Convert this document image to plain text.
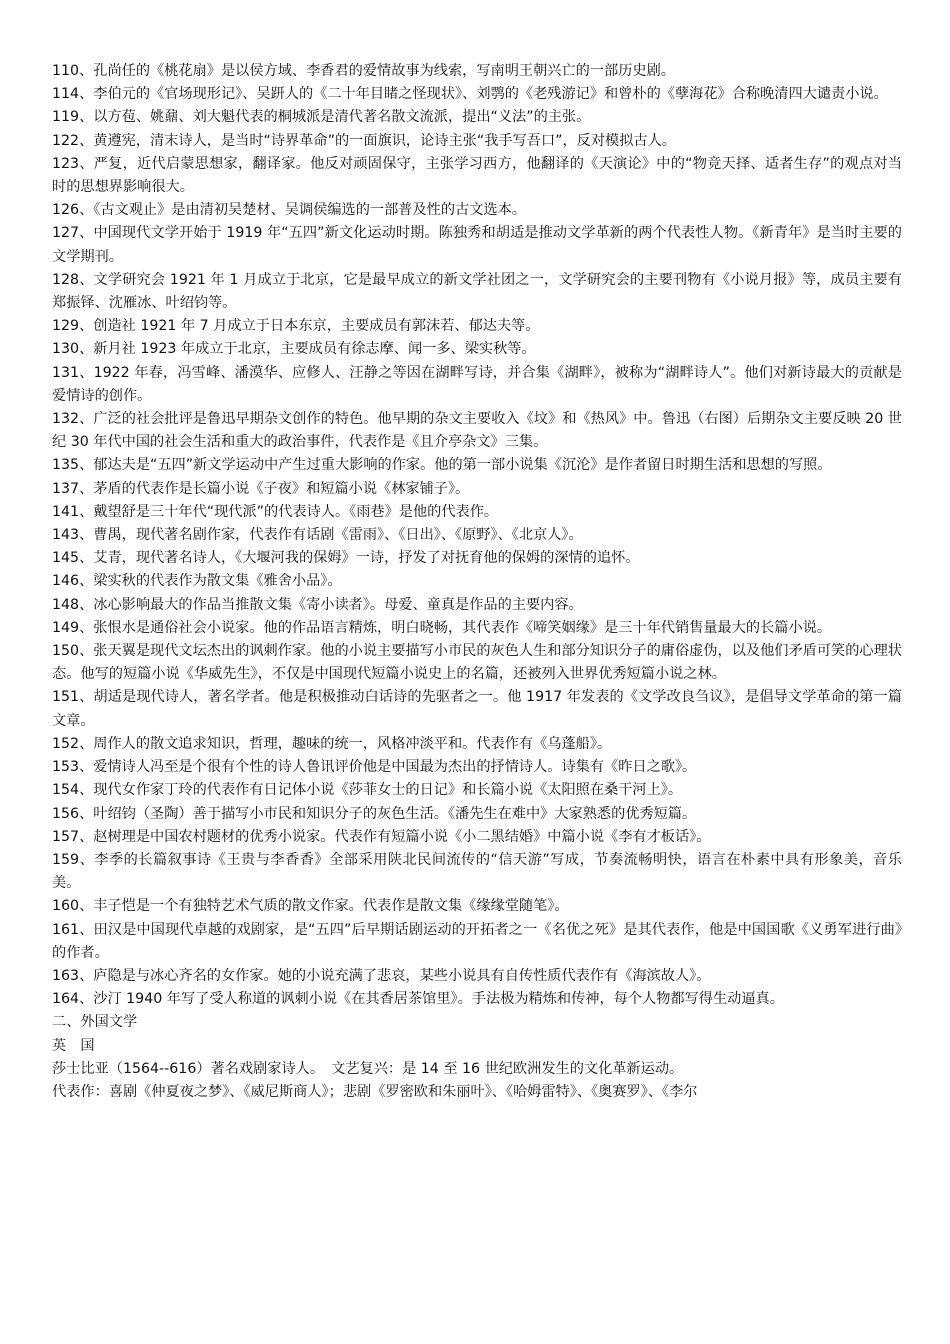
110、孔尚任的《桃花扇》是以侯方域、李香君的爱情故事为线索，写南明王朝兴亡的一部历史剧。

114、李伯元的《官场现形记》、吴趼人的《二十年目睹之怪现状》、刘鹗的《老残游记》和曾朴的《孽海花》合称晚清四大谴责小说。

119、以方苞、姚鼐、刘大魁代表的桐城派是清代著名散文流派，提出“义法”的主张。

122、黄遵宪，清末诗人，是当时“诗界革命”的一面旗识，论诗主张“我手写吾口”，反对模拟古人。

123、严复，近代启蒙思想家，翻译家。他反对顽固保守，主张学习西方，他翻译的《天演论》中的“物竞天择、适者生存”的观点对当时的思想界影响很大。

126、《古文观止》是由清初吴楚材、吴调侯编选的一部普及性的古文选本。

127、中国现代文学开始于 1919 年“五四”新文化运动时期。陈独秀和胡适是推动文学革新的两个代表性人物。《新青年》是当时主要的文学期刊。

128、文学研究会 1921 年 1 月成立于北京，它是最早成立的新文学社团之一，文学研究会的主要刊物有《小说月报》等，成员主要有郑振铎、沈雁冰、叶绍钧等。

129、创造社 1921 年 7 月成立于日本东京，主要成员有郭沫若、郁达夫等。

130、新月社 1923 年成立于北京，主要成员有徐志摩、闻一多、梁实秋等。

131、1922 年春，冯雪峰、潘漠华、应修人、汪静之等因在湖畔写诗，并合集《湖畔》，被称为“湖畔诗人”。他们对新诗最大的贡献是爱情诗的创作。

132、广泛的社会批评是鲁迅早期杂文创作的特色。他早期的杂文主要收入《坟》和《热风》中。鲁迅（右图）后期杂文主要反映 20 世纪 30 年代中国的社会生活和重大的政治事件，代表作是《且介亭杂文》三集。

135、郁达夫是“五四”新文学运动中产生过重大影响的作家。他的第一部小说集《沉沦》是作者留日时期生活和思想的写照。

137、茅盾的代表作是长篇小说《子夜》和短篇小说《林家铺子》。

141、戴望舒是三十年代“现代派”的代表诗人。《雨巷》是他的代表作。

143、曹禺，现代著名剧作家，代表作有话剧《雷雨》、《日出》、《原野》、《北京人》。

145、艾青，现代著名诗人，《大堰河我的保姆》一诗，抒发了对抚育他的保姆的深情的追怀。

146、梁实秋的代表作为散文集《雅舍小品》。

148、冰心影响最大的作品当推散文集《寄小读者》。母爱、童真是作品的主要内容。

149、张恨水是通俗社会小说家。他的作品语言精炼，明白晓畅，其代表作《啼笑姻缘》是三十年代销售量最大的长篇小说。

150、张天翼是现代文坛杰出的讽刺作家。他的小说主要描写小市民的灰色人生和部分知识分子的庸俗虚伪，以及他们矛盾可笑的心理状态。他写的短篇小说《华威先生》，不仅是中国现代短篇小说史上的名篇，还被列入世界优秀短篇小说之林。

151、胡适是现代诗人，著名学者。他是积极推动白话诗的先驱者之一。他 1917 年发表的《文学改良刍议》，是倡导文学革命的第一篇文章。

152、周作人的散文追求知识，哲理，趣味的统一，风格冲淡平和。代表作有《乌蓬船》。

153、爱情诗人冯至是个很有个性的诗人鲁讯评价他是中国最为杰出的抒情诗人。诗集有《昨日之歌》。

154、现代女作家丁玲的代表作有日记体小说《莎菲女士的日记》和长篇小说《太阳照在桑干河上》。

156、叶绍钧（圣陶）善于描写小市民和知识分子的灰色生活。《潘先生在难中》大家熟悉的优秀短篇。

157、赵树理是中国农村题材的优秀小说家。代表作有短篇小说《小二黑结婚》中篇小说《李有才板话》。

159、李季的长篇叙事诗《王贵与李香香》全部采用陕北民间流传的“信天游”写成，节奏流畅明快，语言在朴素中具有形象美，音乐美。

160、丰子恺是一个有独特艺术气质的散文作家。代表作是散文集《缘缘堂随笔》。

161、田汉是中国现代卓越的戏剧家，是“五四”后早期话剧运动的开拓者之一《名优之死》是其代表作，他是中国国歌《义勇军进行曲》的作者。

163、庐隐是与冰心齐名的女作家。她的小说充满了悲哀，某些小说具有自传性质代表作有《海滨故人》。

164、沙汀 1940 年写了受人称道的讽刺小说《在其香居茶馆里》。手法极为精炼和传神，每个人物都写得生动逼真。

二、外国文学

英　国

莎士比亚（1564--616）著名戏剧家诗人。　文艺复兴：是 14 至 16 世纪欧洲发生的文化革新运动。

代表作：喜剧《仲夏夜之梦》、《威尼斯商人》；悲剧《罗密欧和朱丽叶》、《哈姆雷特》、《奥赛罗》、《李尔
